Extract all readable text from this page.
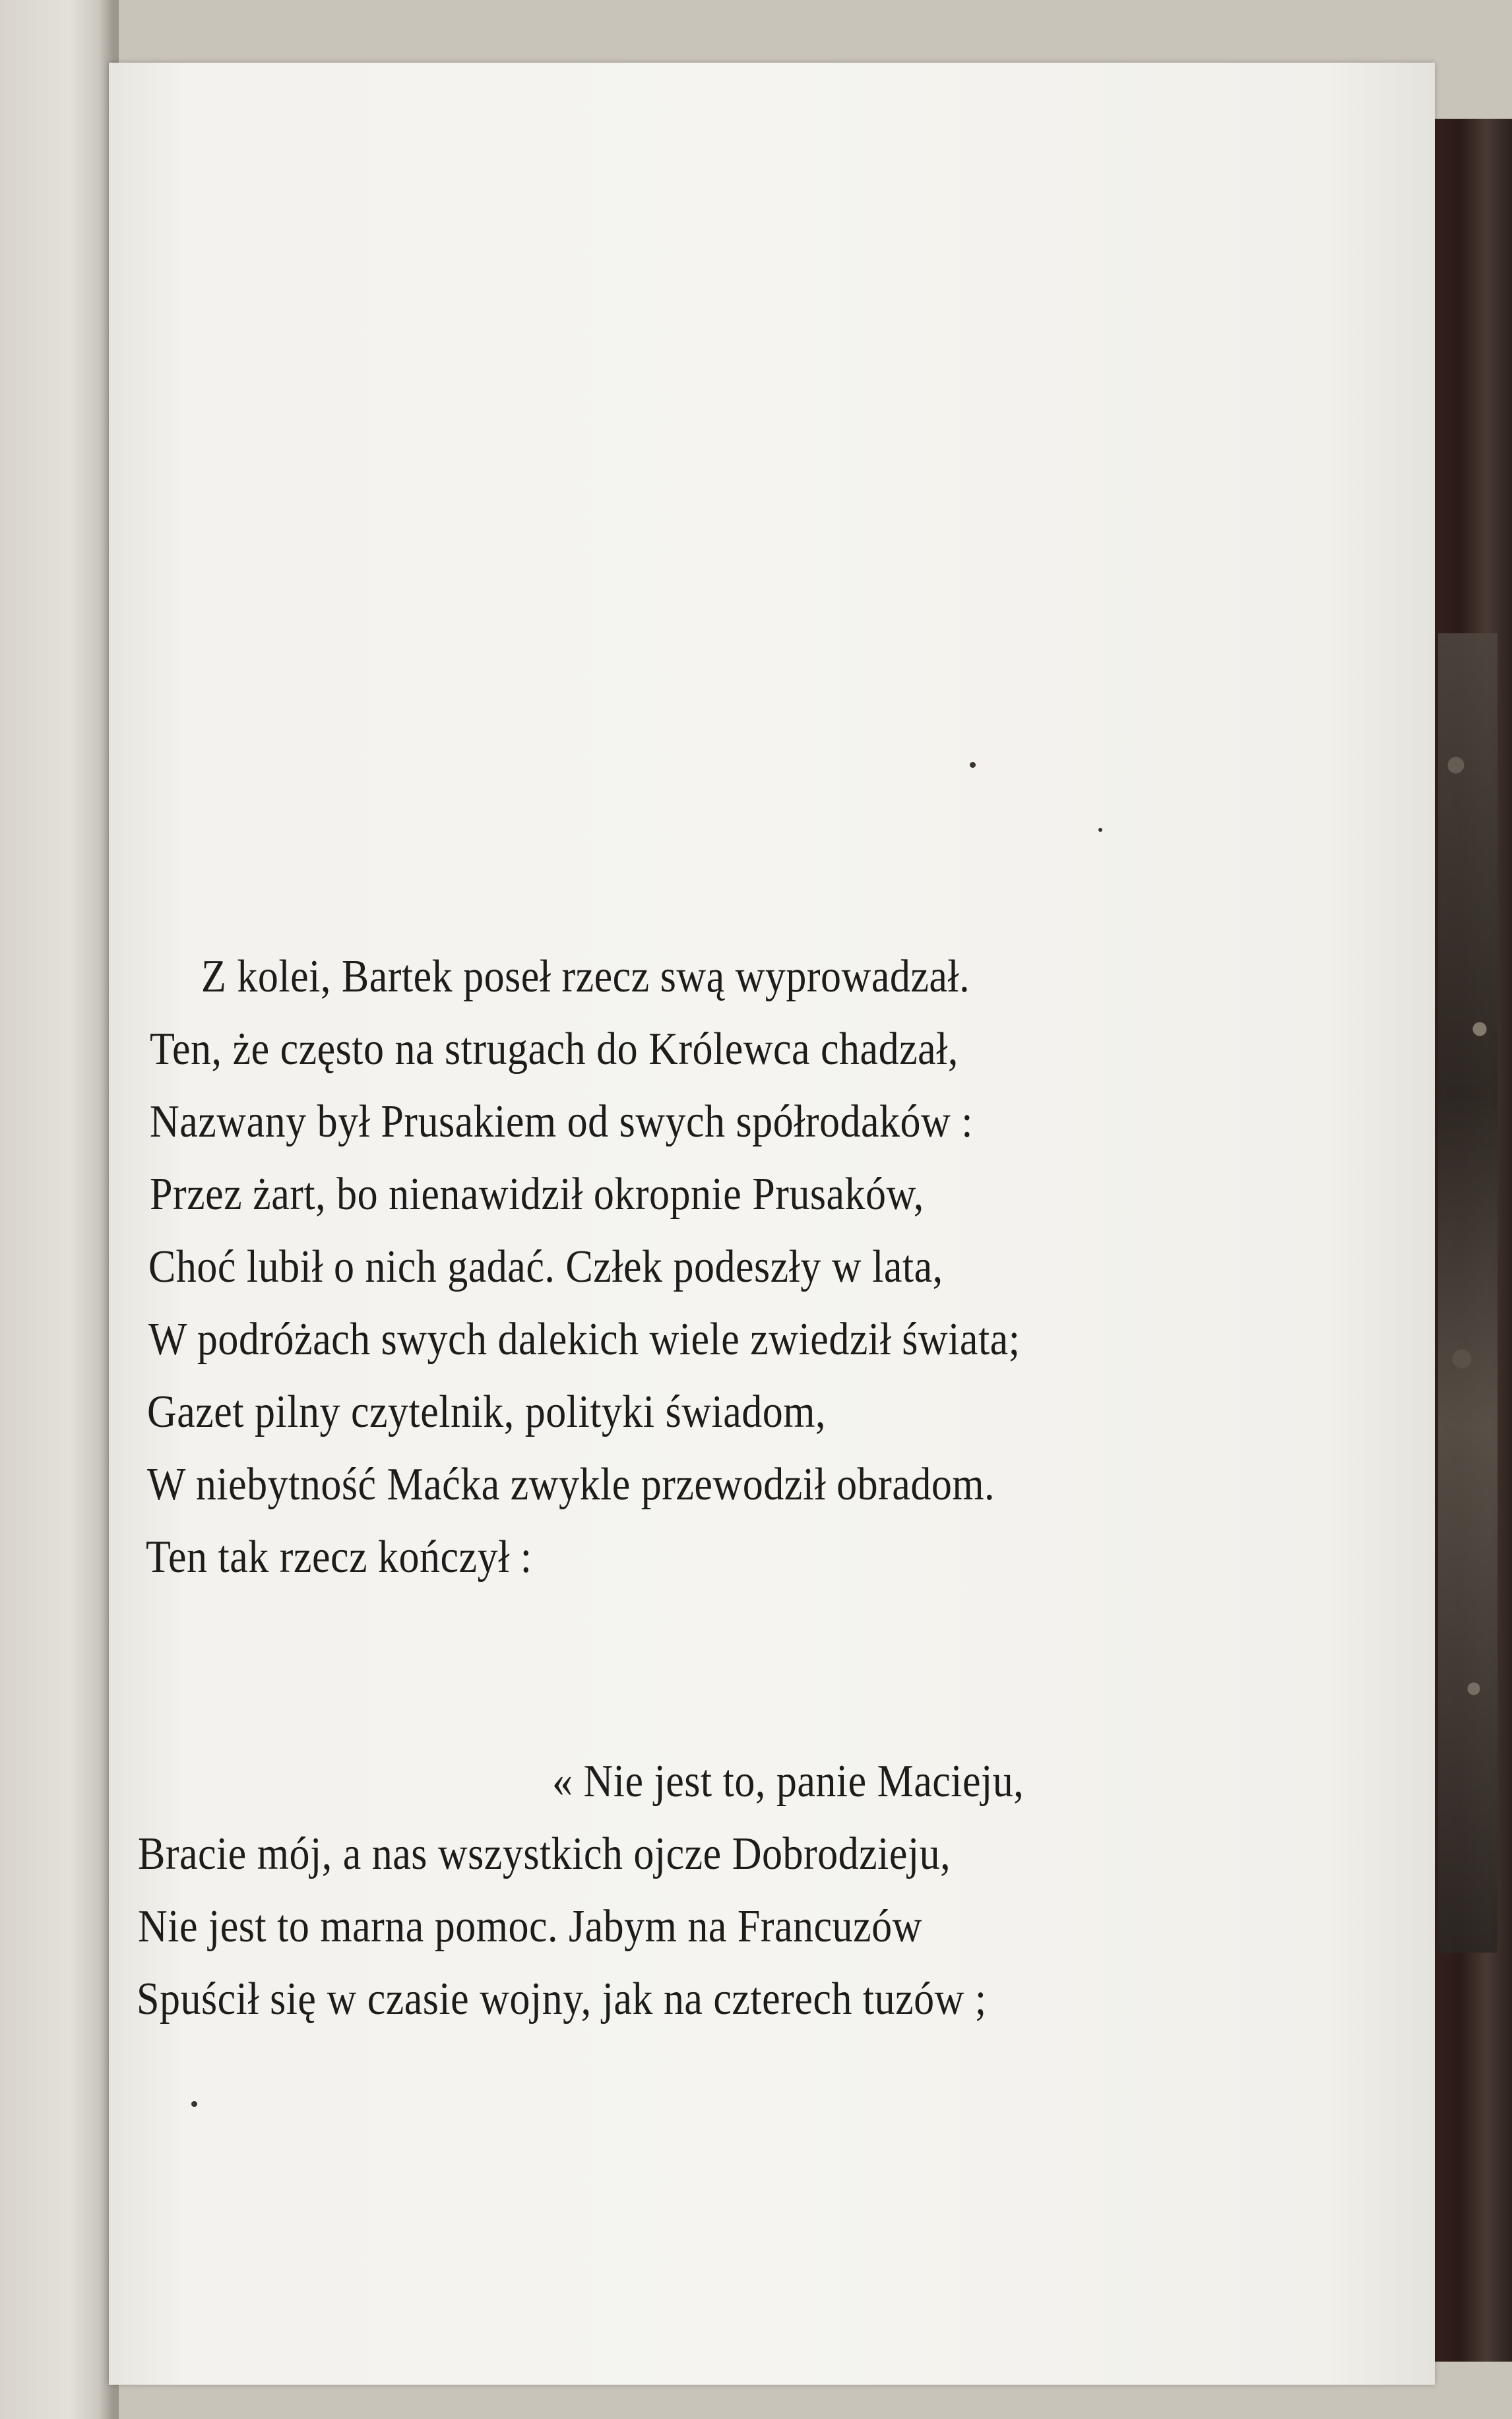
Z kolei, Bartek poseł rzecz swą wyprowadzał.
Ten, że często na strugach do Królewca chadzał,
Nazwany był Prusakiem od swych spółrodaków :
Przez żart, bo nienawidził okropnie Prusaków,
Choć lubił o nich gadać. Człek podeszły w lata,
W podróżach swych dalekich wiele zwiedził świata;
Gazet pilny czytelnik, polityki świadom,
W niebytność Maćka zwykle przewodził obradom.
Ten tak rzecz kończył :
« Nie jest to, panie Macieju,
Bracie mój, a nas wszystkich ojcze Dobrodzieju,
Nie jest to marna pomoc. Jabym na Francuzów
Spuścił się w czasie wojny, jak na czterech tuzów ;
